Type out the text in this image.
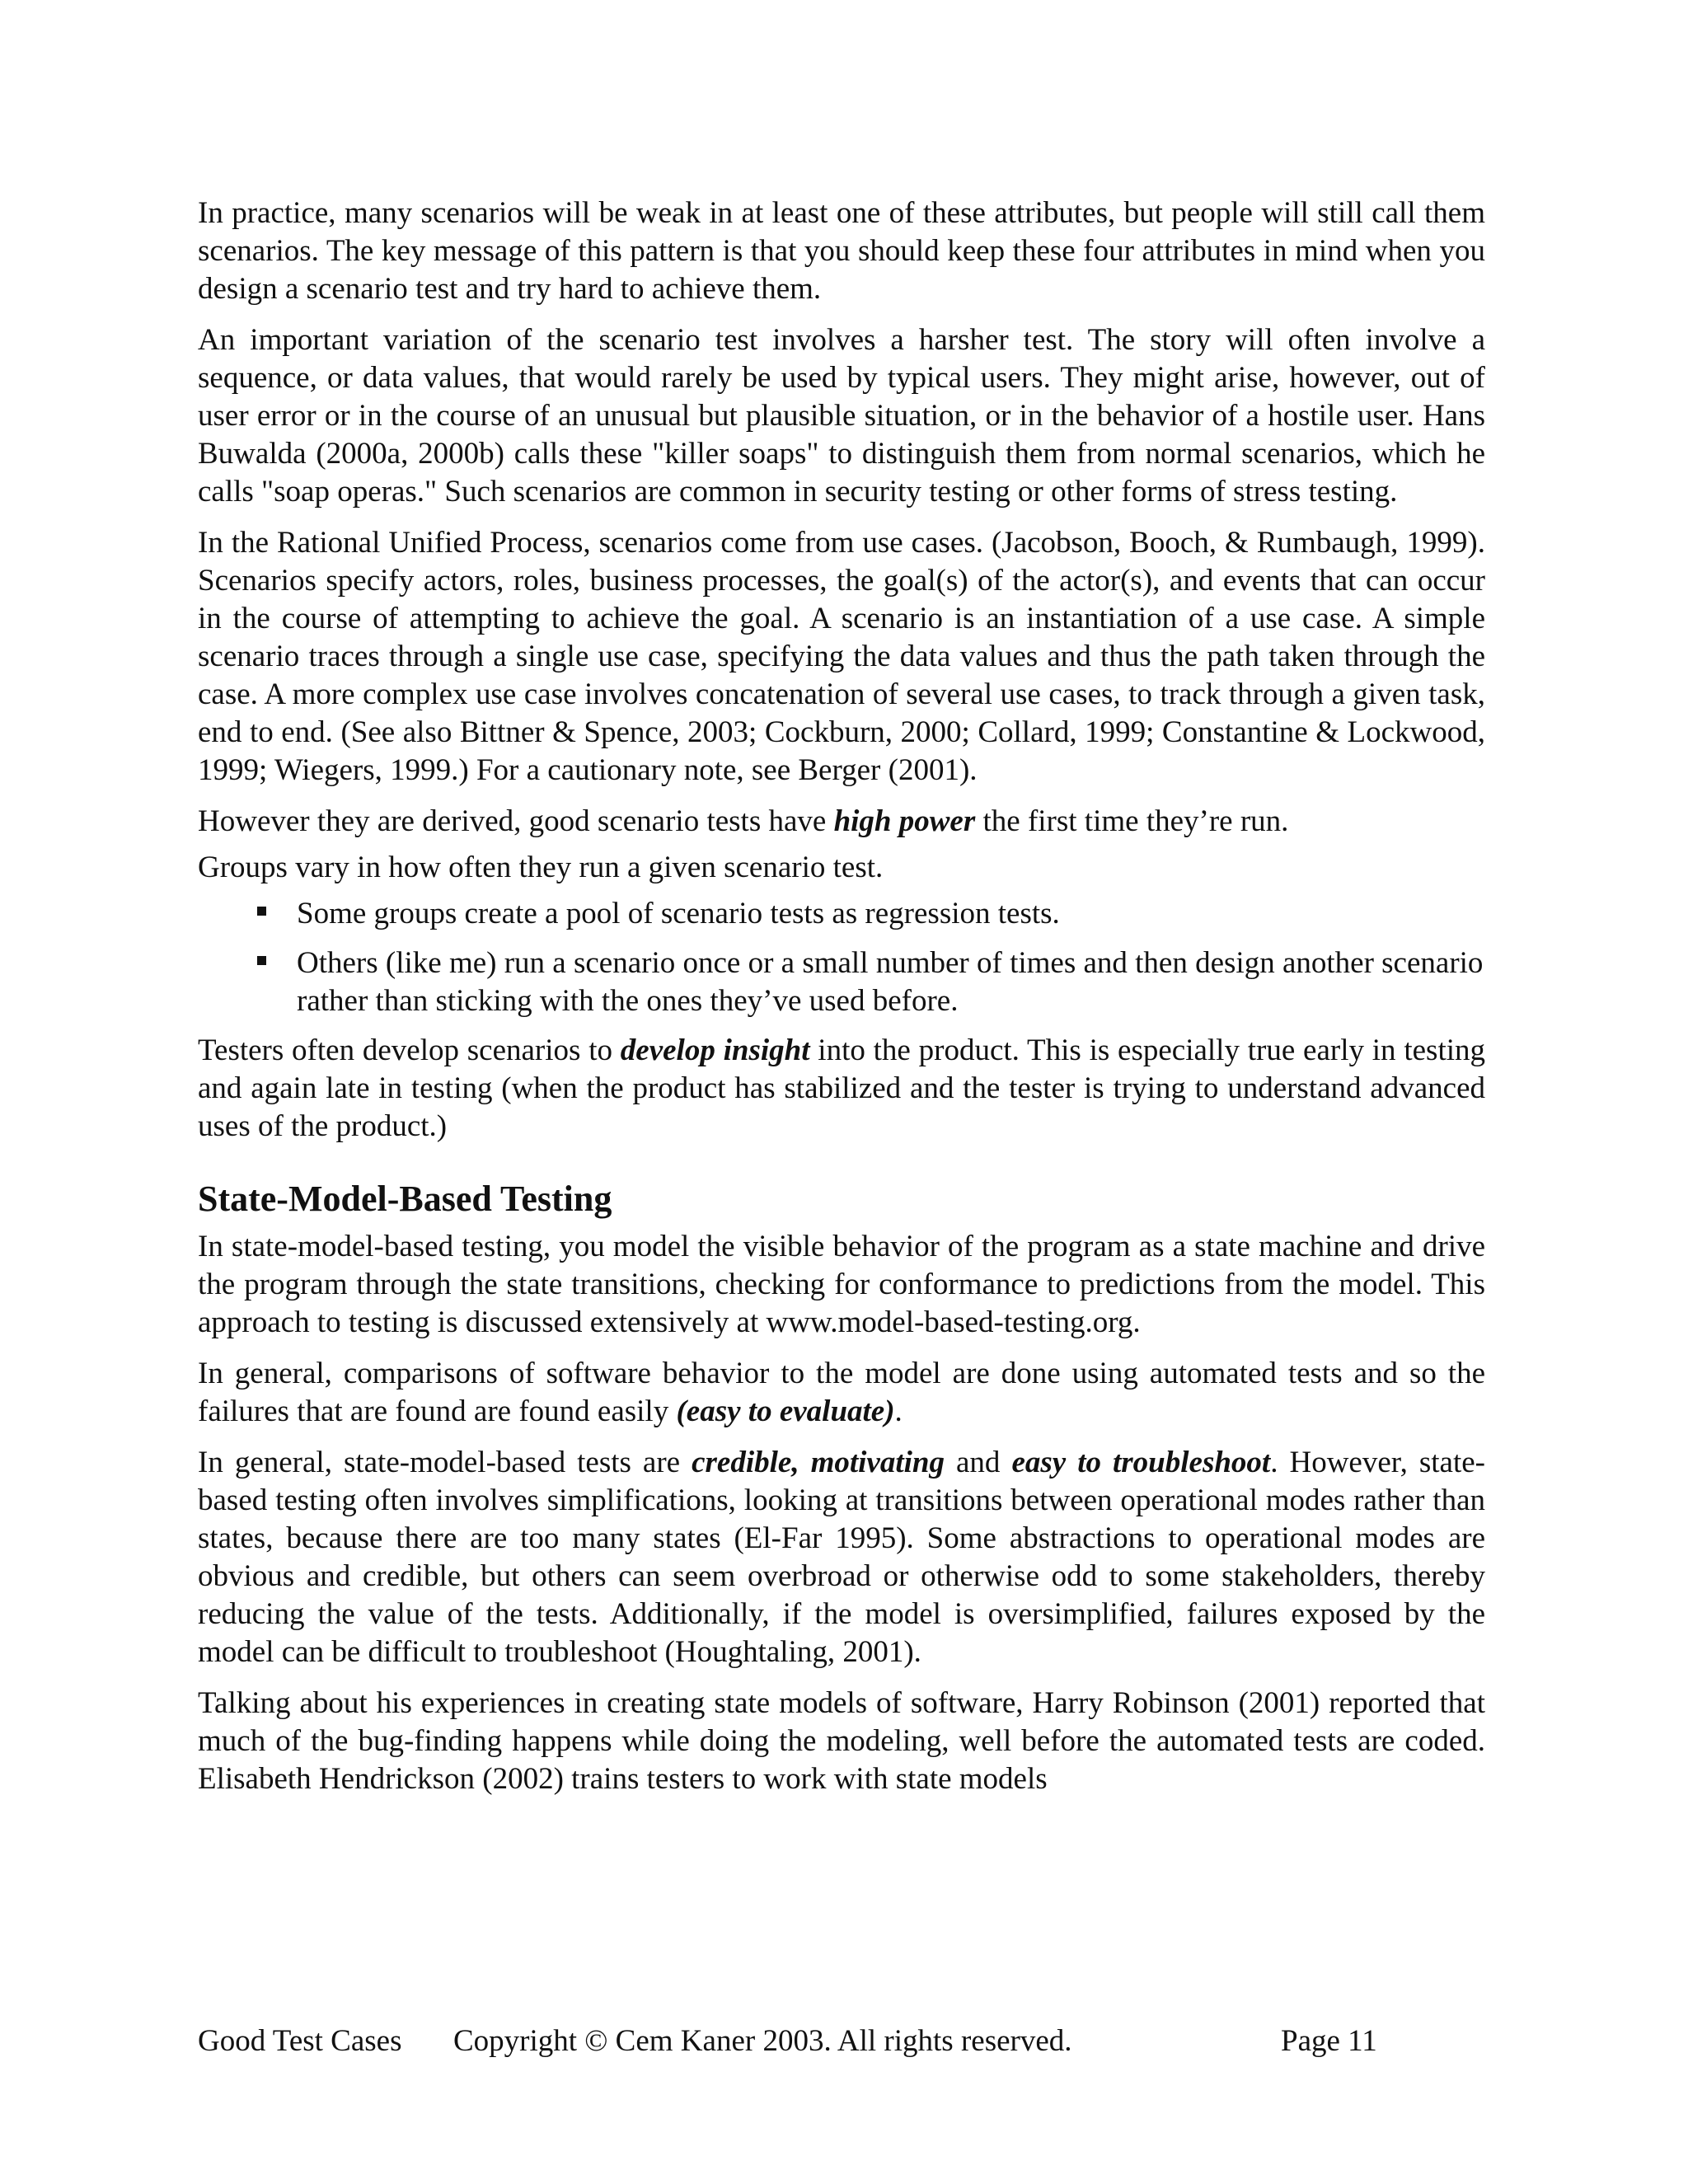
In practice, many scenarios will be weak in at least one of these attributes, but people will still call them scenarios. The key message of this pattern is that you should keep these four attributes in mind when you design a scenario test and try hard to achieve them.

An important variation of the scenario test involves a harsher test. The story will often involve a sequence, or data values, that would rarely be used by typical users. They might arise, however, out of user error or in the course of an unusual but plausible situation, or in the behavior of a hostile user. Hans Buwalda (2000a, 2000b) calls these "killer soaps" to distinguish them from normal scenarios, which he calls "soap operas." Such scenarios are common in security testing or other forms of stress testing.

In the Rational Unified Process, scenarios come from use cases. (Jacobson, Booch, & Rumbaugh, 1999). Scenarios specify actors, roles, business processes, the goal(s) of the actor(s), and events that can occur in the course of attempting to achieve the goal. A scenario is an instantiation of a use case. A simple scenario traces through a single use case, specifying the data values and thus the path taken through the case. A more complex use case involves concatenation of several use cases, to track through a given task, end to end. (See also Bittner & Spence, 2003; Cockburn, 2000; Collard, 1999; Constantine & Lockwood, 1999; Wiegers, 1999.) For a cautionary note, see Berger (2001).

However they are derived, good scenario tests have high power the first time they’re run.

Groups vary in how often they run a given scenario test.

Some groups create a pool of scenario tests as regression tests.
Others (like me) run a scenario once or a small number of times and then design another scenario rather than sticking with the ones they’ve used before.

Testers often develop scenarios to develop insight into the product. This is especially true early in testing and again late in testing (when the product has stabilized and the tester is trying to understand advanced uses of the product.)

State-Model-Based Testing

In state-model-based testing, you model the visible behavior of the program as a state machine and drive the program through the state transitions, checking for conformance to predictions from the model. This approach to testing is discussed extensively at www.model-based-testing.org.

In general, comparisons of software behavior to the model are done using automated tests and so the failures that are found are found easily (easy to evaluate).

In general, state-model-based tests are credible, motivating and easy to troubleshoot. However, state-based testing often involves simplifications, looking at transitions between operational modes rather than states, because there are too many states (El-Far 1995). Some abstractions to operational modes are obvious and credible, but others can seem overbroad or otherwise odd to some stakeholders, thereby reducing the value of the tests. Additionally, if the model is oversimplified, failures exposed by the model can be difficult to troubleshoot (Houghtaling, 2001).

Talking about his experiences in creating state models of software, Harry Robinson (2001) reported that much of the bug-finding happens while doing the modeling, well before the automated tests are coded. Elisabeth Hendrickson (2002) trains testers to work with state models

Good Test Cases Copyright © Cem Kaner 2003. All rights reserved.	Page 11
